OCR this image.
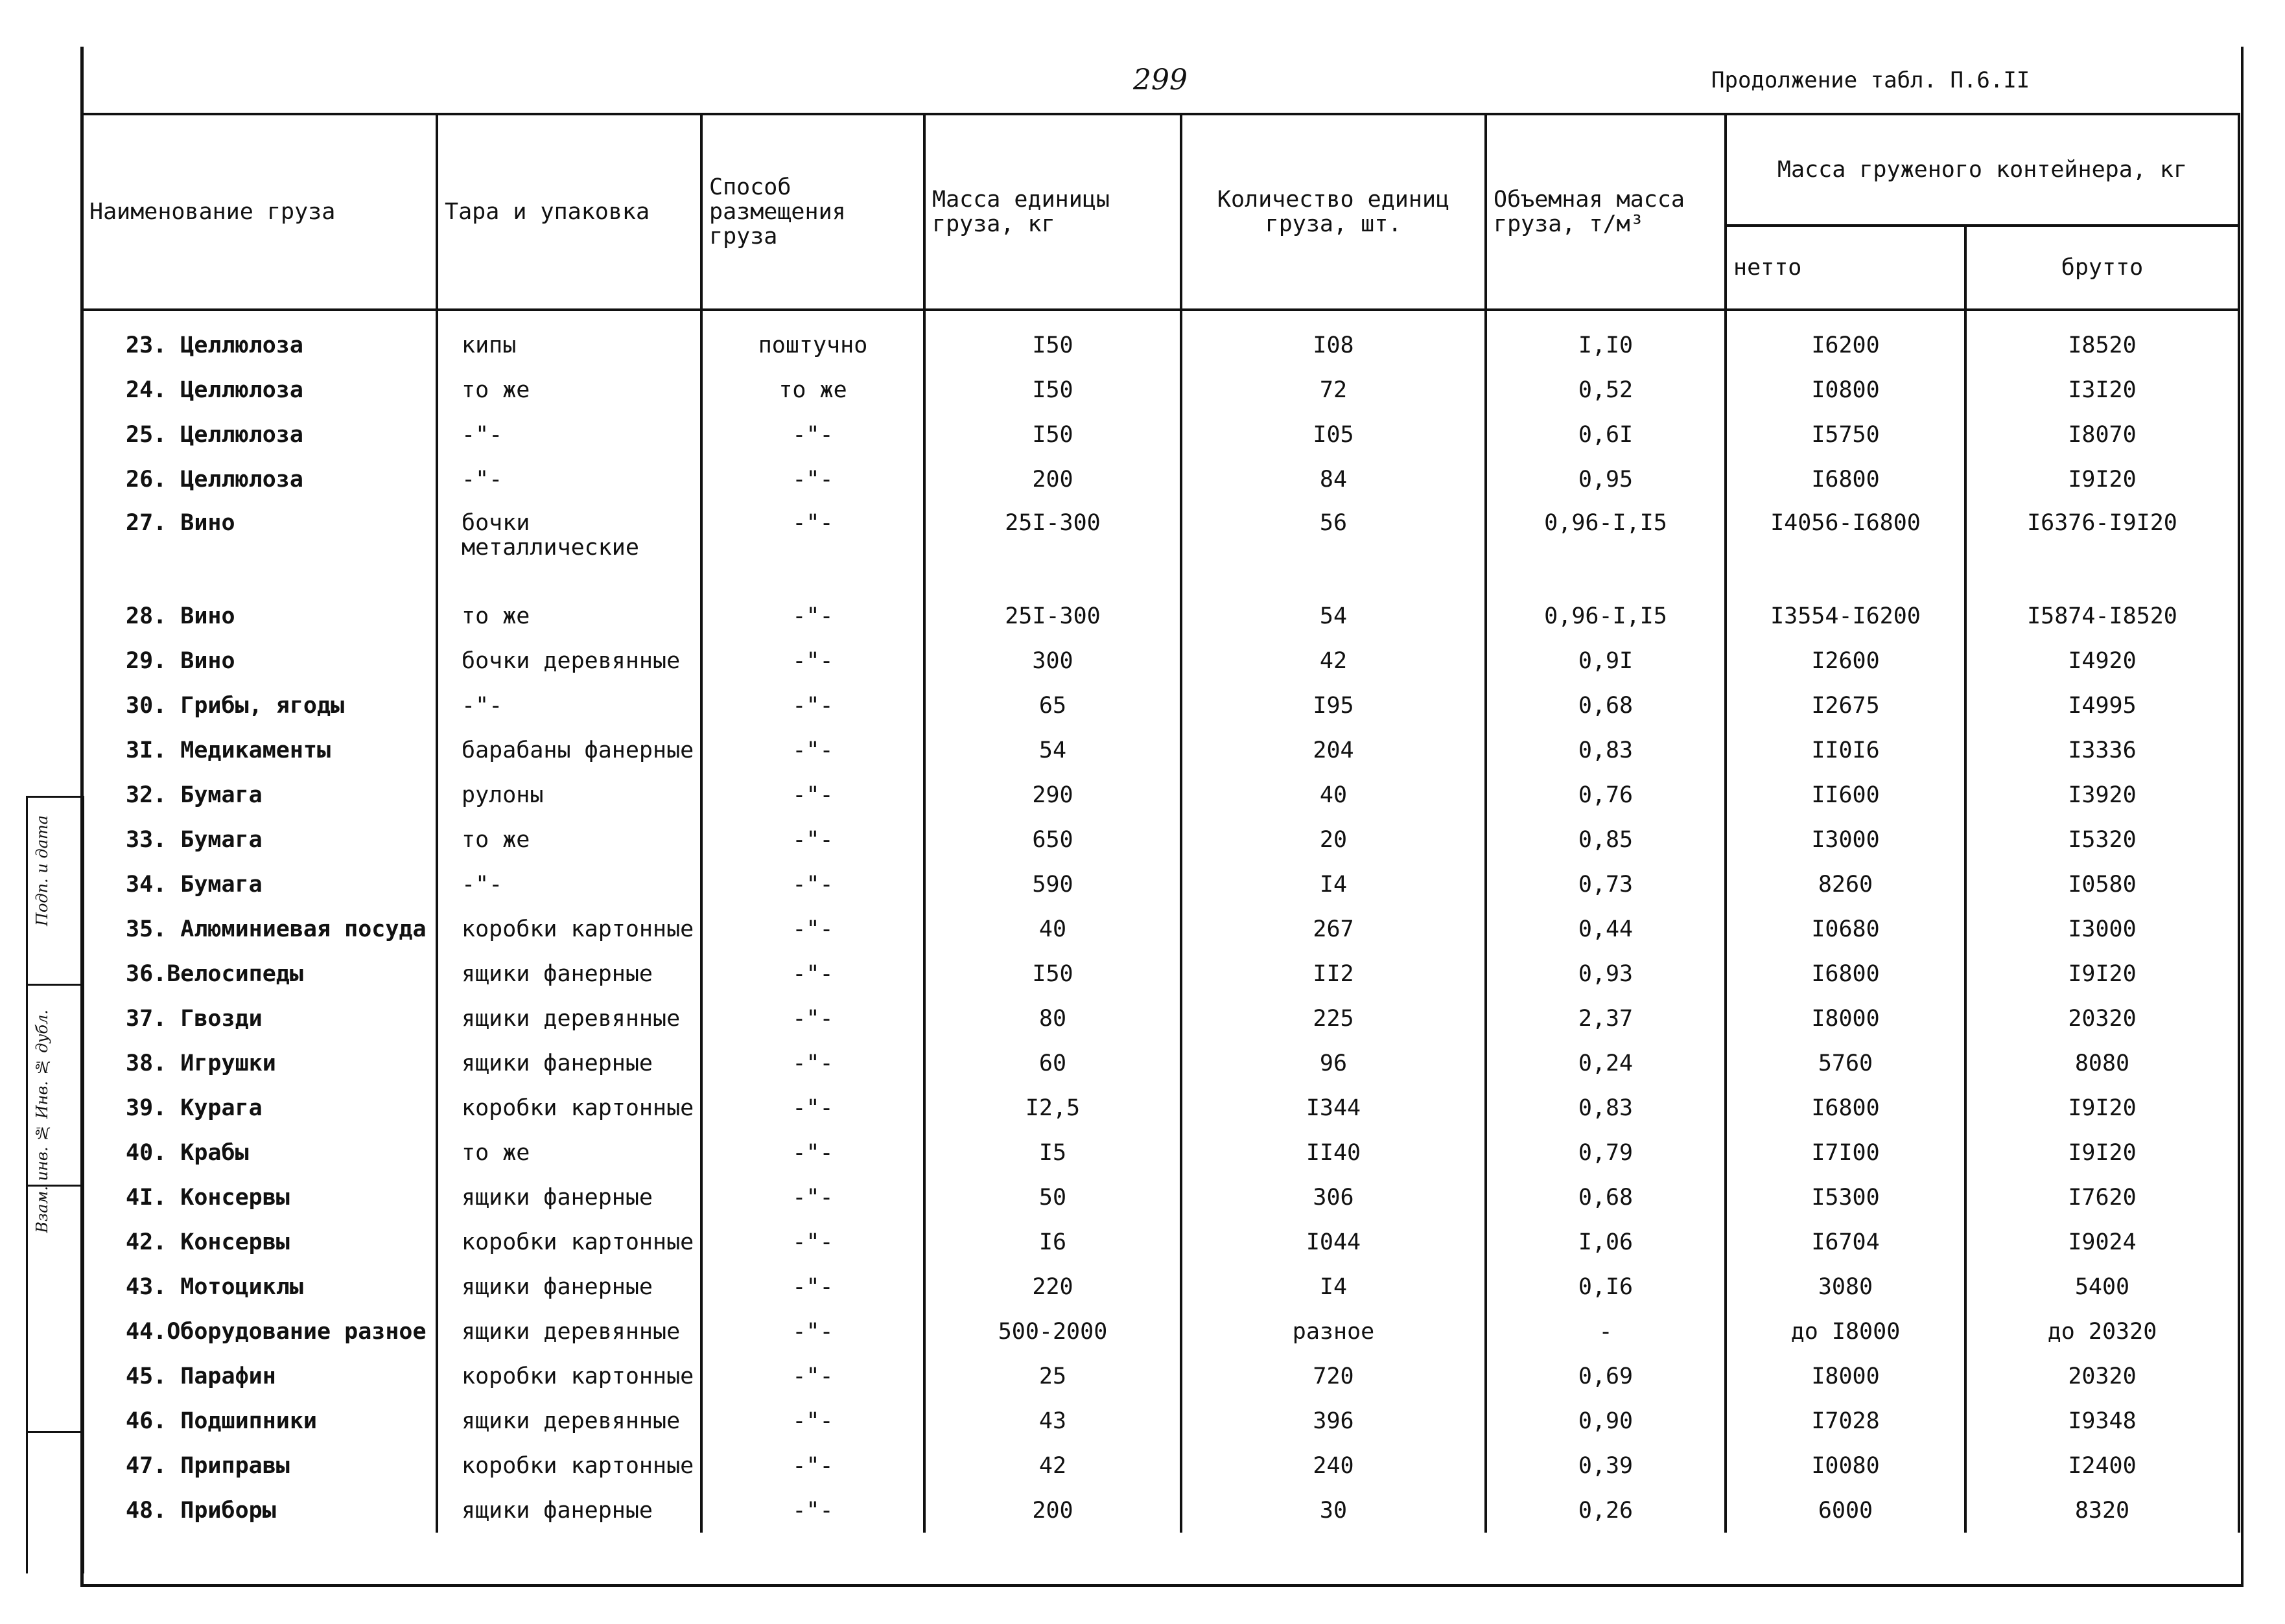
299	Продолжение табл. П.6.II
Наименование груза	Тара и упаковка	Способ размещения груза	Масса единицы груза, кг	Количество единиц груза, шт.	Объемная масса груза, т/м³	Масса груженого контейнера, кг	
						нетто	брутто
23. Целлюлоза	кипы	поштучно	I50	I08	I,I0	I6200	I8520
24. Целлюлоза	то же	то же	I50	72	0,52	I0800	I3I20
25. Целлюлоза	-"-	-"-	I50	I05	0,6I	I5750	I8070
26. Целлюлоза	-"-	-"-	200	84	0,95	I6800	I9I20
27. Вино	бочки металлические	-"-	25I-300	56	0,96-I,I5	I4056-I6800	I6376-I9I20
28. Вино	то же	-"-	25I-300	54	0,96-I,I5	I3554-I6200	I5874-I8520
29. Вино	бочки деревянные	-"-	300	42	0,9I	I2600	I4920
30. Грибы, ягоды	-"-	-"-	65	I95	0,68	I2675	I4995
3I. Медикаменты	барабаны фанерные	-"-	54	204	0,83	II0I6	I3336
32. Бумага	рулоны	-"-	290	40	0,76	II600	I3920
33. Бумага	то же	-"-	650	20	0,85	I3000	I5320
34. Бумага	-"-	-"-	590	I4	0,73	8260	I0580
35. Алюминиевая посуда	коробки картонные	-"-	40	267	0,44	I0680	I3000
36.Велосипеды	ящики фанерные	-"-	I50	II2	0,93	I6800	I9I20
37. Гвозди	ящики деревянные	-"-	80	225	2,37	I8000	20320
38. Игрушки	ящики фанерные	-"-	60	96	0,24	5760	8080
39. Курага	коробки картонные	-"-	I2,5	I344	0,83	I6800	I9I20
40. Крабы	то же	-"-	I5	II40	0,79	I7I00	I9I20
4I. Консервы	ящики фанерные	-"-	50	306	0,68	I5300	I7620
42. Консервы	коробки картонные	-"-	I6	I044	I,06	I6704	I9024
43. Мотоциклы	ящики фанерные	-"-	220	I4	0,I6	3080	5400
44.Оборудование разное	ящики деревянные	-"-	500-2000	разное	-	до I8000	до 20320
45. Парафин	коробки картонные	-"-	25	720	0,69	I8000	20320
46. Подшипники	ящики деревянные	-"-	43	396	0,90	I7028	I9348
47. Приправы	коробки картонные	-"-	42	240	0,39	I0080	I2400
48. Приборы	ящики фанерные	-"-	200	30	0,26	6000	8320
Подп. и дата
Взам. инв. № Инв. № дубл.
